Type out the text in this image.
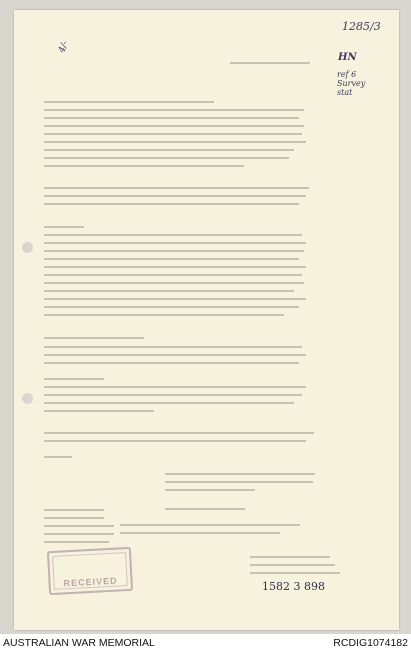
1285/3
HN
ref 6 Survey stat
4/-
RECEIVED	1582 3 898
AUSTRALIAN WAR MEMORIAL	RCDIG1074182
